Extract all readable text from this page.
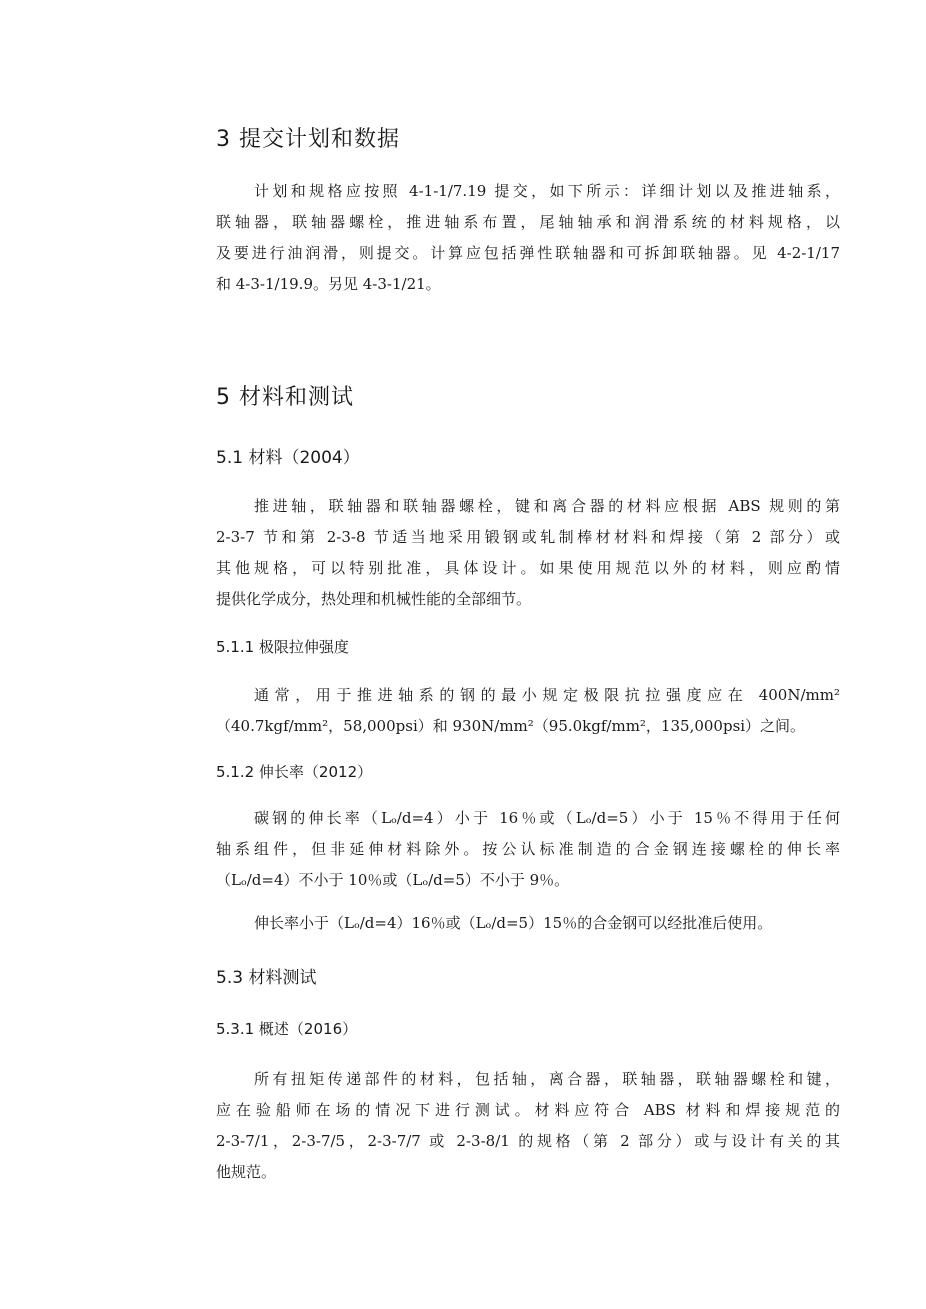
3 提交计划和数据
计划和规格应按照 4-1-1/7.19 提交，如下所示：详细计划以及推进轴系，
联轴器，联轴器螺栓，推进轴系布置，尾轴轴承和润滑系统的材料规格，以
及要进行油润滑，则提交。计算应包括弹性联轴器和可拆卸联轴器。见 4-2-1/17
和 4-3-1/19.9。另见 4-3-1/21。
5 材料和测试
5.1 材料（2004）
推进轴，联轴器和联轴器螺栓，键和离合器的材料应根据 ABS 规则的第
2-3-7 节和第 2-3-8 节适当地采用锻钢或轧制棒材材料和焊接（第 2 部分）或
其他规格，可以特别批准，具体设计。如果使用规范以外的材料，则应酌情
提供化学成分，热处理和机械性能的全部细节。
5.1.1 极限拉伸强度
通常，用于推进轴系的钢的最小规定极限抗拉强度应在 400N/mm²
（40.7kgf/mm²，58,000psi）和 930N/mm²（95.0kgf/mm²，135,000psi）之间。
5.1.2 伸长率（2012）
碳钢的伸长率（Lₒ/d=4）小于 16％或（Lₒ/d=5）小于 15％不得用于任何
轴系组件，但非延伸材料除外。按公认标准制造的合金钢连接螺栓的伸长率
（Lₒ/d=4）不小于 10％或（Lₒ/d=5）不小于 9％。
伸长率小于（Lₒ/d=4）16％或（Lₒ/d=5）15％的合金钢可以经批准后使用。
5.3 材料测试
5.3.1 概述（2016）
所有扭矩传递部件的材料，包括轴，离合器，联轴器，联轴器螺栓和键，
应在验船师在场的情况下进行测试。材料应符合 ABS 材料和焊接规范的
2-3-7/1，2-3-7/5，2-3-7/7 或 2-3-8/1 的规格（第 2 部分）或与设计有关的其
他规范。
